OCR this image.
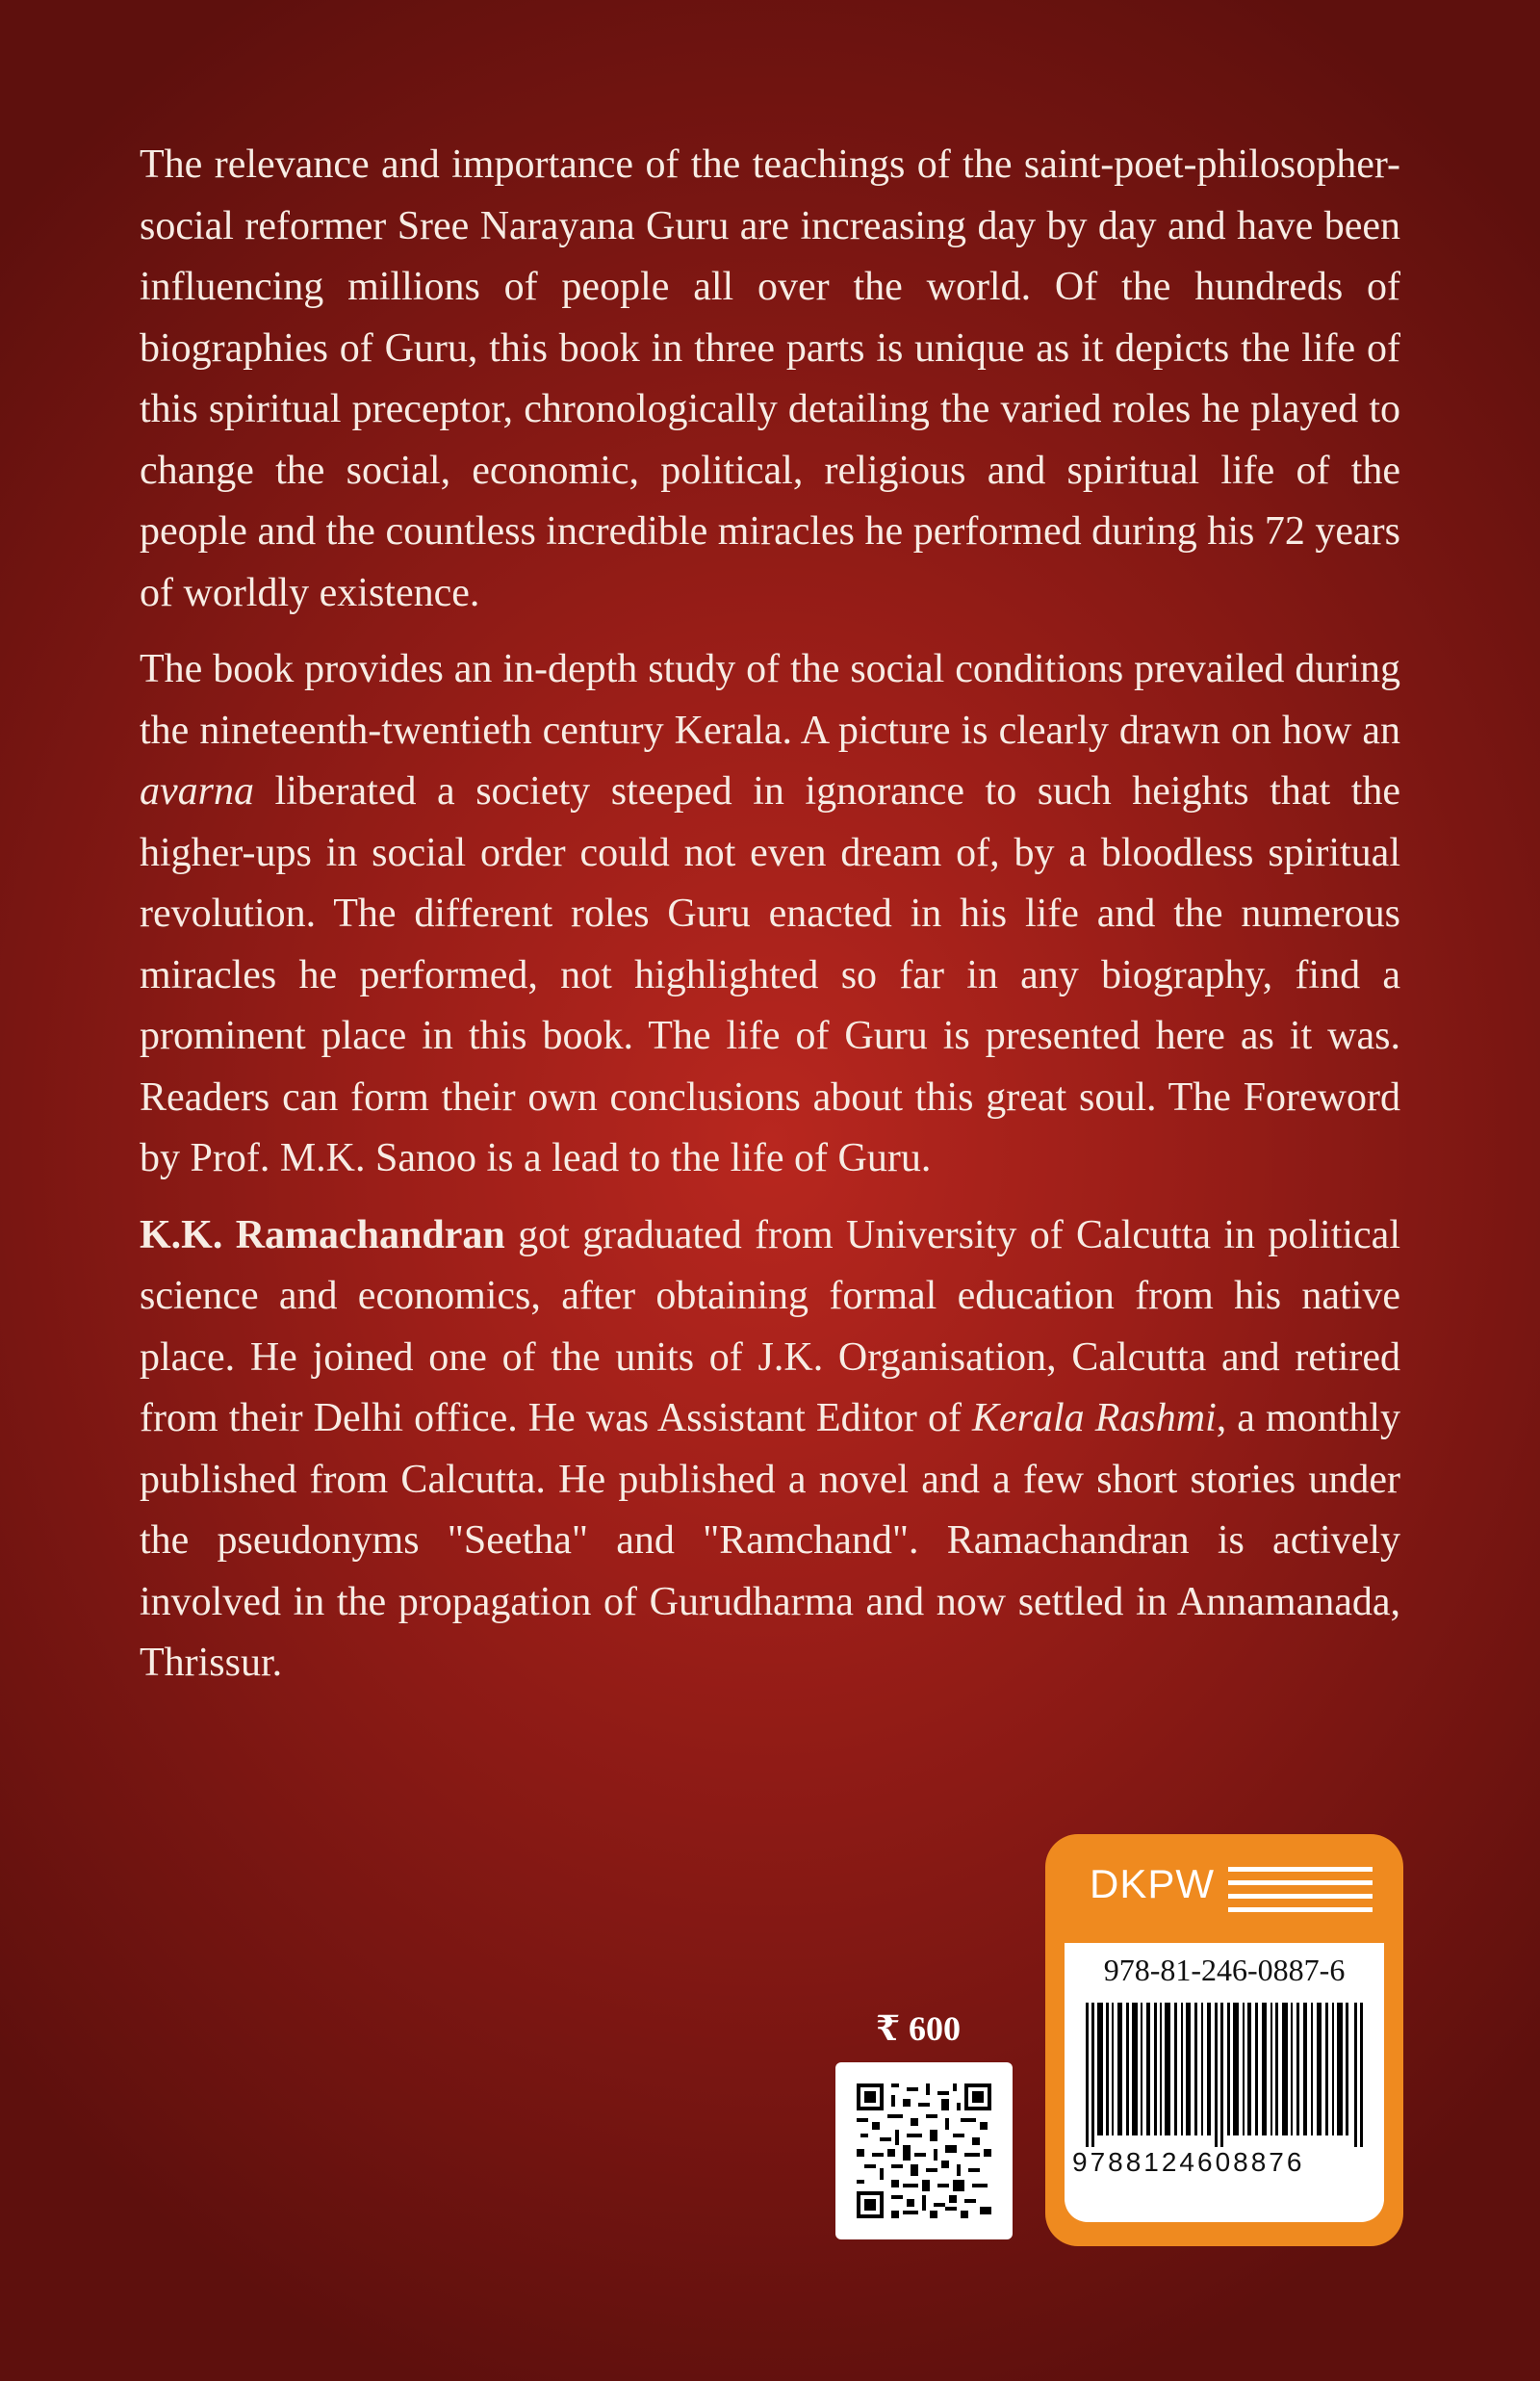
The relevance and importance of the teachings of the saint-poet-philosopher-social reformer Sree Narayana Guru are increasing day by day and have been influencing millions of people all over the world. Of the hundreds of biographies of Guru, this book in three parts is unique as it depicts the life of this spiritual preceptor, chronologically detailing the varied roles he played to change the social, economic, political, religious and spiritual life of the people and the countless incredible miracles he performed during his 72 years of worldly existence.

The book provides an in-depth study of the social conditions prevailed during the nineteenth-twentieth century Kerala. A picture is clearly drawn on how an avarna liberated a society steeped in ignorance to such heights that the higher-ups in social order could not even dream of, by a bloodless spiritual revolution. The different roles Guru enacted in his life and the numerous miracles he performed, not highlighted so far in any biography, find a prominent place in this book. The life of Guru is presented here as it was. Readers can form their own conclusions about this great soul. The Foreword by Prof. M.K. Sanoo is a lead to the life of Guru.

K.K. Ramachandran got graduated from University of Calcutta in political science and economics, after obtaining formal education from his native place. He joined one of the units of J.K. Organisation, Calcutta and retired from their Delhi office. He was Assistant Editor of Kerala Rashmi, a monthly published from Calcutta. He published a novel and a few short stories under the pseudonyms "Seetha" and "Ramchand". Ramachandran is actively involved in the propagation of Gurudharma and now settled in Annamanada, Thrissur.

₹ 600
DKPW
978-81-246-0887-6
9788124608876
